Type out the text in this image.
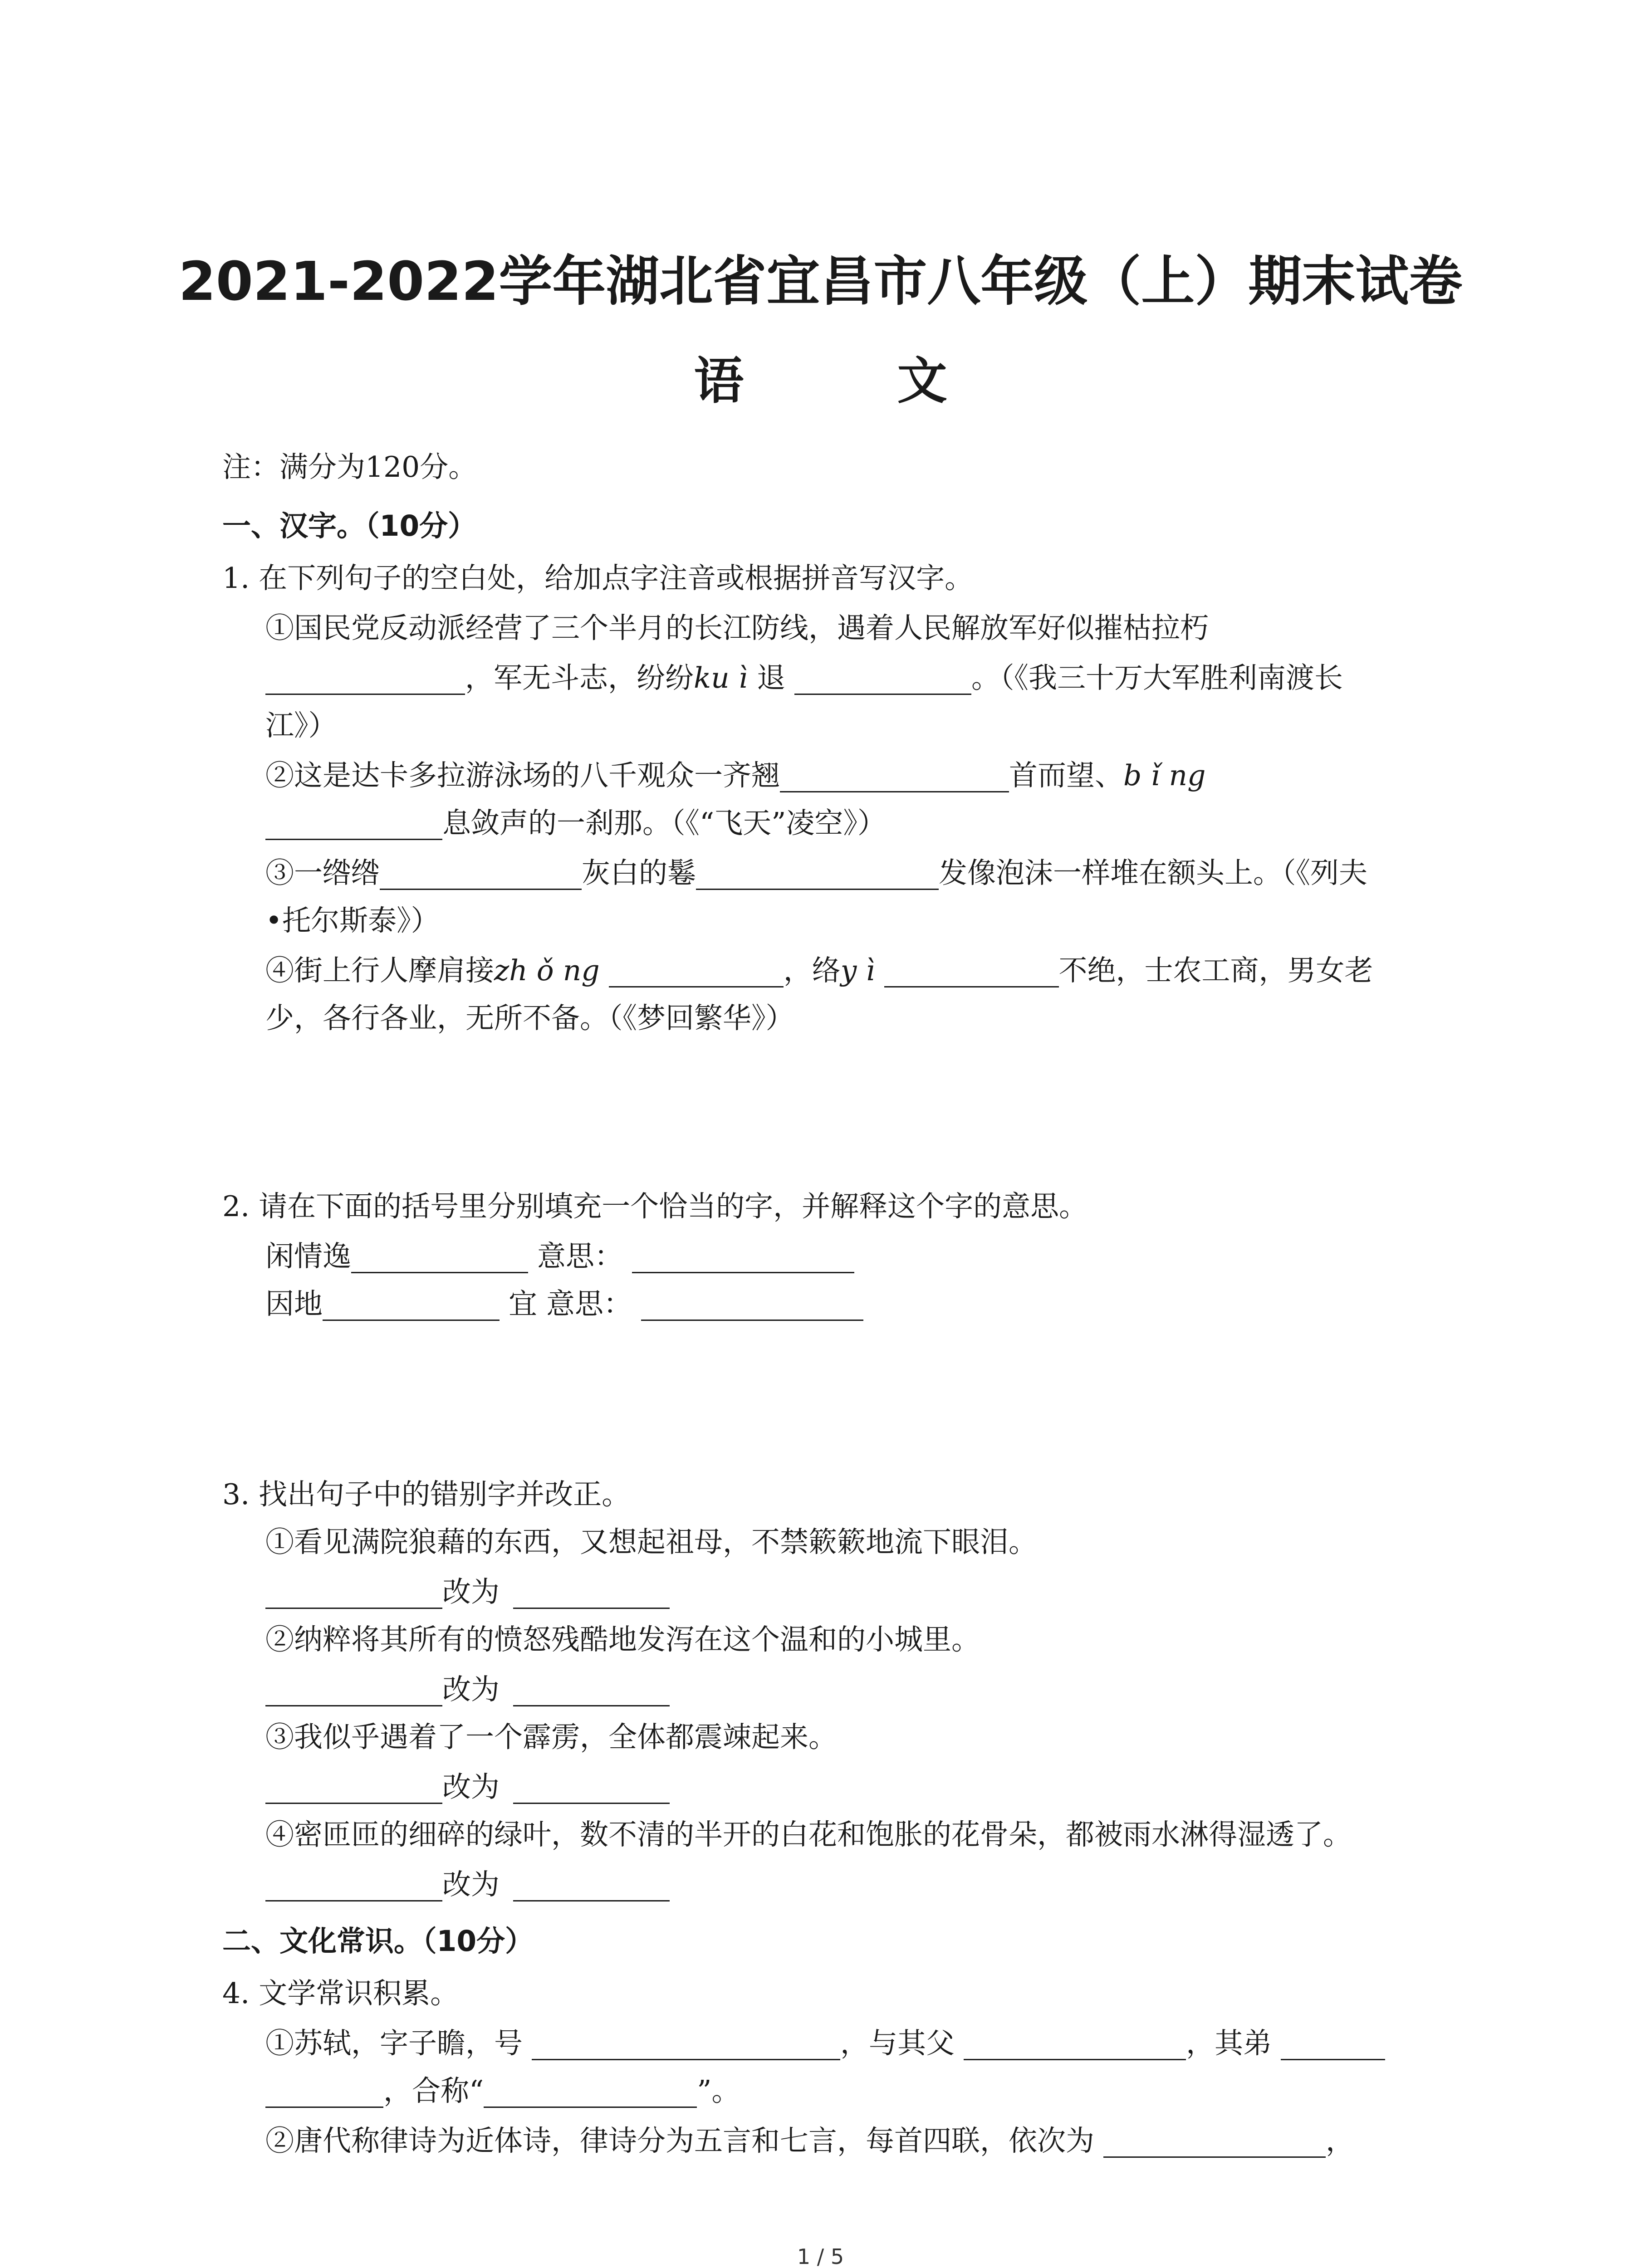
2021-2022学年湖北省宜昌市八年级（上）期末试卷
语 文
注：满分为120分。
一、汉字。（10分）
1. 在下列句子的空白处，给加点字注音或根据拼音写汉字。
①国民党反动派经营了三个半月的长江防线，遇着人民解放军好似摧枯拉朽
，军无斗志，纷纷ku ì 退	。（《我三十万大军胜利南渡长
江》）
②这是达卡多拉游泳场的八千观众一齐翘	首而望、b ǐ ng
息敛声的一刹那。（《“飞天”凌空》）
③一绺绺	灰白的鬈	发像泡沫一样堆在额头上。（《列夫
•托尔斯泰》）
④街上行人摩肩接zh ǒ ng	，络y ì	不绝，士农工商，男女老
少，各行各业，无所不备。（《梦回繁华》）
2. 请在下面的括号里分别填充一个恰当的字，并解释这个字的意思。
闲情逸	意思：
因地	宜 意思：
3. 找出句子中的错别字并改正。
①看见满院狼藉的东西，又想起祖母，不禁簌簌地流下眼泪。
改为
②纳粹将其所有的愤怒残酷地发泻在这个温和的小城里。
改为
③我似乎遇着了一个霹雳，全体都震竦起来。
改为
④密匝匝的细碎的绿叶，数不清的半开的白花和饱胀的花骨朵，都被雨水淋得湿透了。
改为
二、文化常识。（10分）
4. 文学常识积累。
①苏轼，字子瞻，号	，与其父	，其弟
，合称“	”。
②唐代称律诗为近体诗，律诗分为五言和七言，每首四联，依次为	，
1 / 5
